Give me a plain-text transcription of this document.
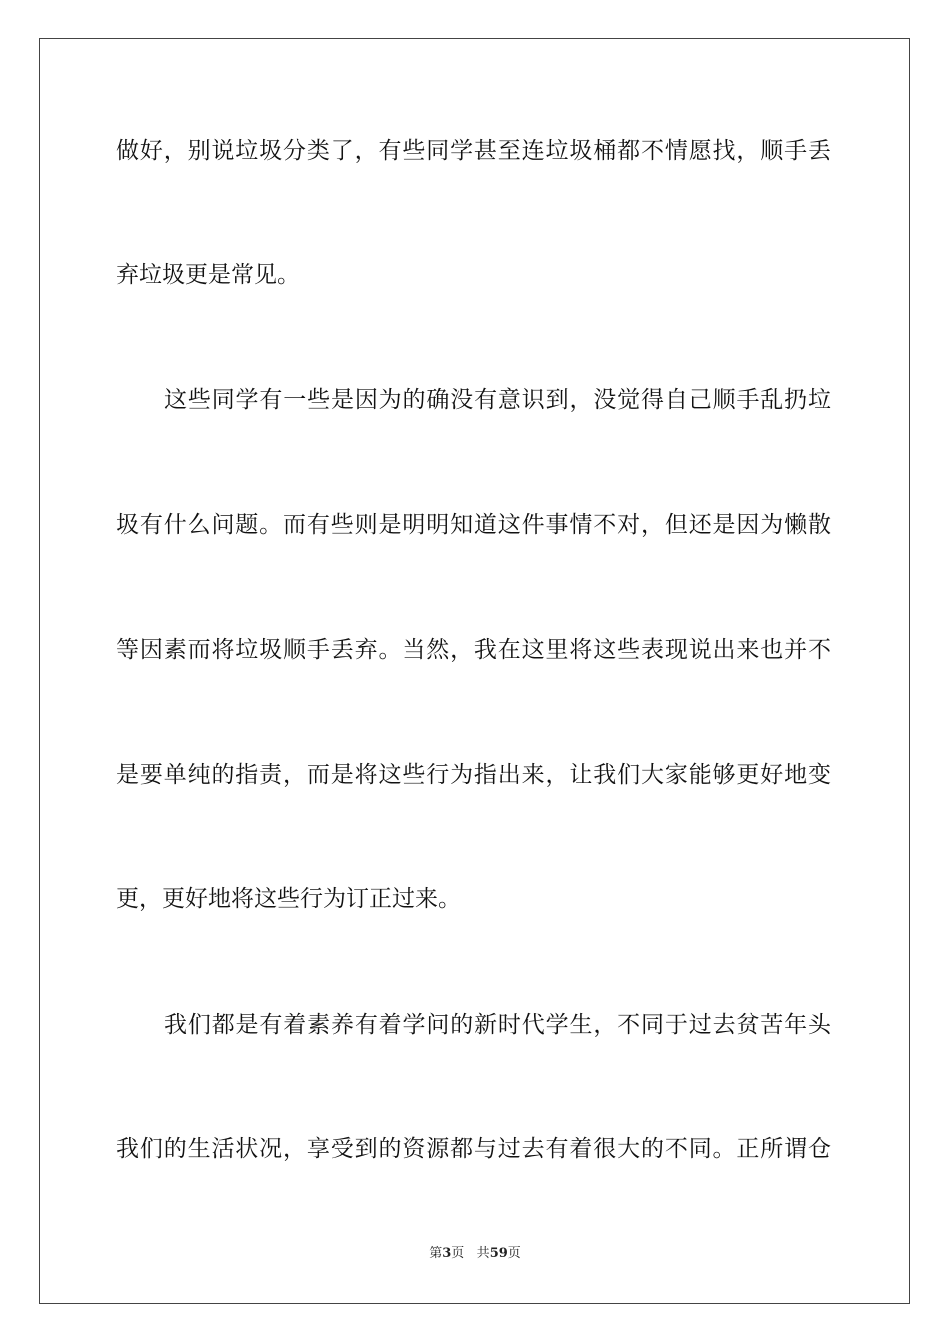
做好，别说垃圾分类了，有些同学甚至连垃圾桶都不情愿找，顺手丢
弃垃圾更是常见。
这些同学有一些是因为的确没有意识到，没觉得自己顺手乱扔垃
圾有什么问题。而有些则是明明知道这件事情不对，但还是因为懒散
等因素而将垃圾顺手丢弃。当然，我在这里将这些表现说出来也并不
是要单纯的指责，而是将这些行为指出来，让我们大家能够更好地变
更，更好地将这些行为订正过来。
我们都是有着素养有着学问的新时代学生，不同于过去贫苦年头
我们的生活状况，享受到的资源都与过去有着很大的不同。正所谓仓
第3页 共59页
